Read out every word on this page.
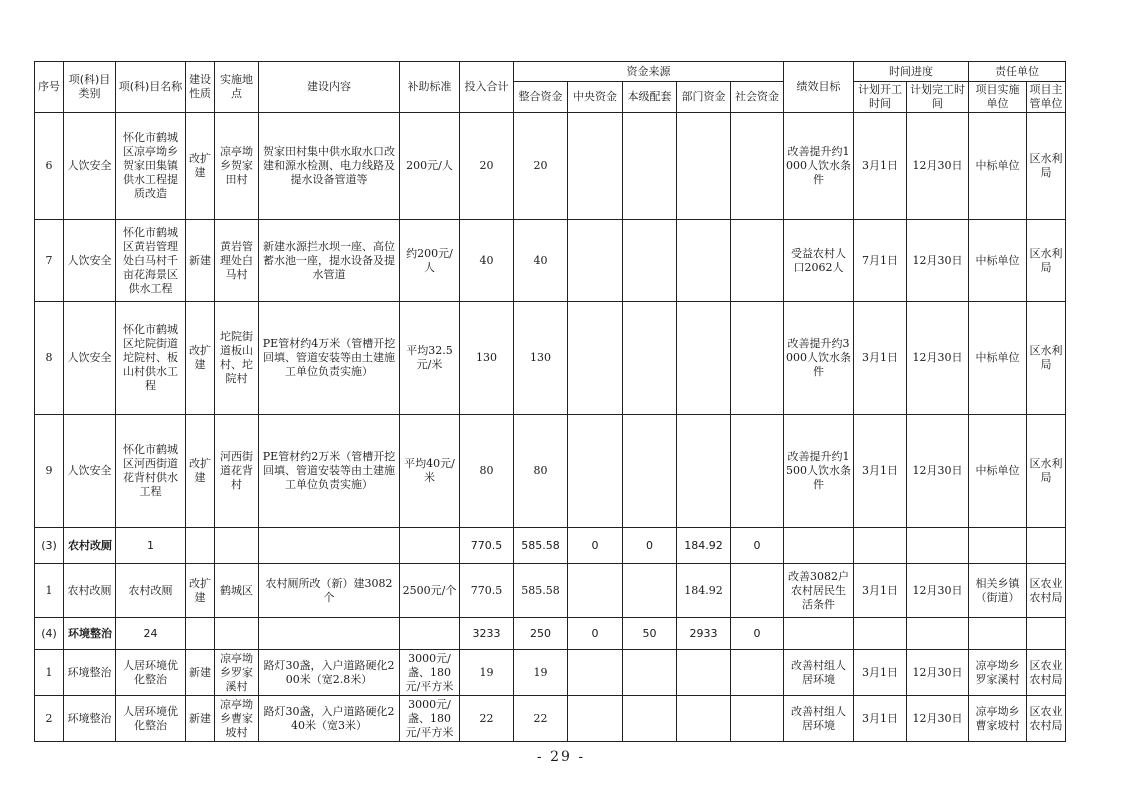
序号	项(科)目类别	项(科)目名称	建设性质	实施地点	建设内容	补助标准	投入合计	资金来源					绩效目标	时间进度		责任单位	
								整合资金	中央资金	本级配套	部门资金	社会资金		计划开工时间	计划完工时间	项目实施单位	项目主管单位
6	人饮安全	怀化市鹤城区凉亭坳乡贺家田集镇供水工程提质改造	改扩建	凉亭坳乡贺家田村	贺家田村集中供水取水口改建和源水检测、电力线路及提水设备管道等	200元/人	20	20					改善提升约1000人饮水条件	3月1日	12月30日	中标单位	区水利局
7	人饮安全	怀化市鹤城区黄岩管理处白马村千亩花海景区供水工程	新建	黄岩管理处白马村	新建水源拦水坝一座、高位蓄水池一座，提水设备及提水管道	约200元/人	40	40					受益农村人口2062人	7月1日	12月30日	中标单位	区水利局
8	人饮安全	怀化市鹤城区坨院街道坨院村、板山村供水工程	改扩建	坨院街道板山村、坨院村	PE管材约4万米（管槽开挖回填、管道安装等由土建施工单位负责实施）	平均32.5元/米	130	130					改善提升约3000人饮水条件	3月1日	12月30日	中标单位	区水利局
9	人饮安全	怀化市鹤城区河西街道花背村供水工程	改扩建	河西街道花背村	PE管材约2万米（管槽开挖回填、管道安装等由土建施工单位负责实施）	平均40元/米	80	80					改善提升约1500人饮水条件	3月1日	12月30日	中标单位	区水利局
(3)	农村改厕	1					770.5	585.58	0	0	184.92	0					
1	农村改厕	农村改厕	改扩建	鹤城区	农村厕所改（新）建3082个	2500元/个	770.5	585.58			184.92		改善3082户农村居民生活条件	3月1日	12月30日	相关乡镇（街道）	区农业农村局
(4)	环境整治	24					3233	250	0	50	2933	0					
1	环境整治	人居环境优化整治	新建	凉亭坳乡罗家溪村	路灯30盏，入户道路硬化200米（宽2.8米）	3000元/盏、180元/平方米	19	19					改善村组人居环境	3月1日	12月30日	凉亭坳乡罗家溪村	区农业农村局
2	环境整治	人居环境优化整治	新建	凉亭坳乡曹家坡村	路灯30盏，入户道路硬化240米（宽3米）	3000元/盏、180元/平方米	22	22					改善村组人居环境	3月1日	12月30日	凉亭坳乡曹家坡村	区农业农村局
- 29 -
